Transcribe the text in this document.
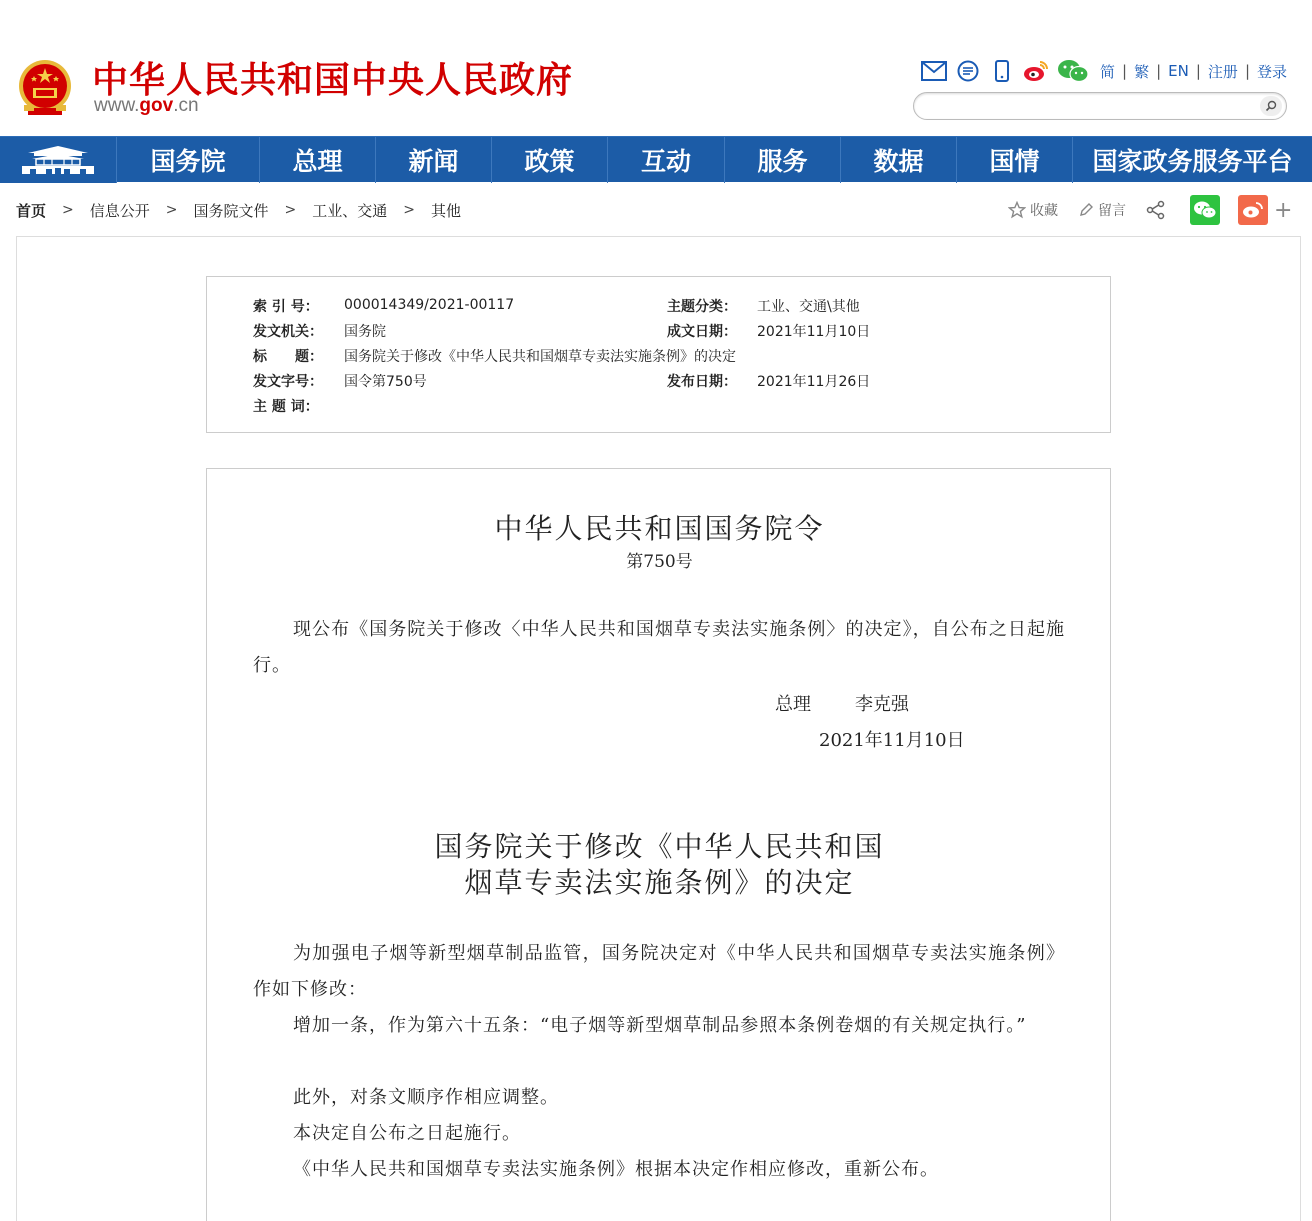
中华人民共和国中央人民政府
www.gov.cn
简 | 繁 | EN | 注册 | 登录
国务院	总理	新闻	政策	互动	服务	数据	国情	国家政务服务平台
首页 > 信息公开 > 国务院文件 > 工业、交通 > 其他	收藏	留言	+
索 引 号： 000014349/2021-00117	主题分类： 工业、交通\其他
发文机关： 国务院	成文日期： 2021年11月10日
标　　题： 国务院关于修改《中华人民共和国烟草专卖法实施条例》的决定
发文字号： 国令第750号	发布日期： 2021年11月26日
主 题 词：
中华人民共和国国务院令
第750号
现公布《国务院关于修改〈中华人民共和国烟草专卖法实施条例〉的决定》，自公布之日起施行。
总理 李克强
2021年11月10日
国务院关于修改《中华人民共和国
烟草专卖法实施条例》的决定
为加强电子烟等新型烟草制品监管，国务院决定对《中华人民共和国烟草专卖法实施条例》作如下修改：
增加一条，作为第六十五条：“电子烟等新型烟草制品参照本条例卷烟的有关规定执行。”
此外，对条文顺序作相应调整。
本决定自公布之日起施行。
《中华人民共和国烟草专卖法实施条例》根据本决定作相应修改，重新公布。
